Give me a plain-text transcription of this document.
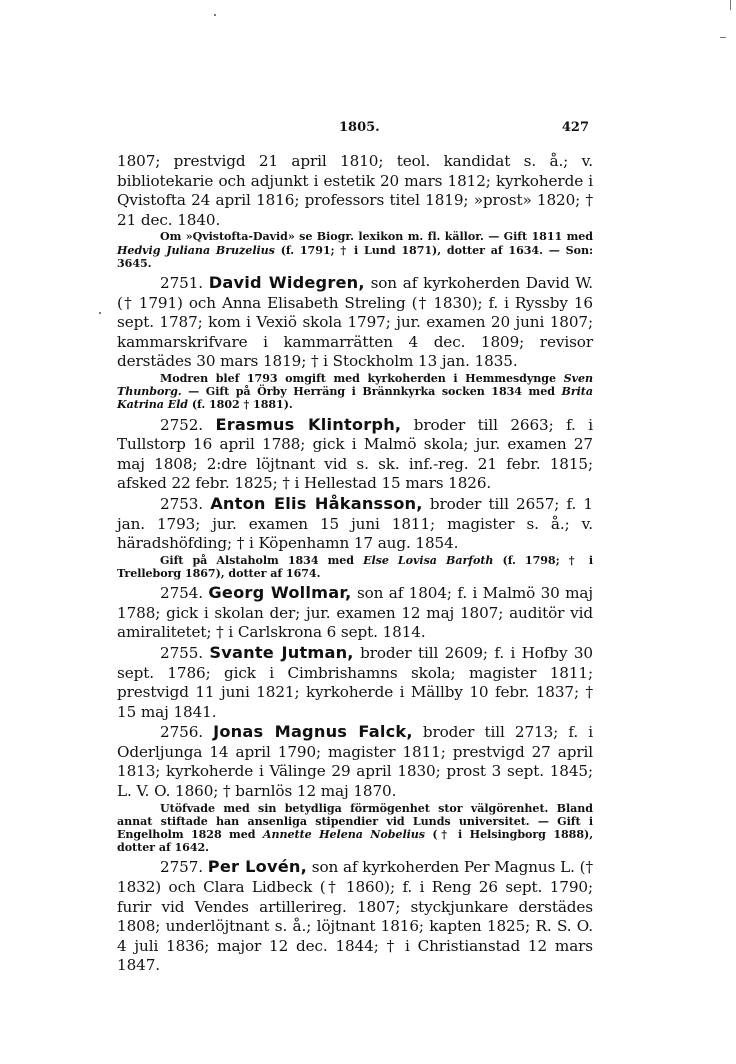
1805.	427

1807; prestvigd 21 april 1810; teol. kandidat s. å.; v. bibliotekarie och adjunkt i estetik 20 mars 1812; kyrkoherde i Qvistofta 24 april 1816; professors titel 1819; »prost» 1820; † 21 dec. 1840.

Om »Qvistofta-David» se Biogr. lexikon m. fl. källor. — Gift 1811 med Hedvig Juliana Bruzelius (f. 1791; † i Lund 1871), dotter af 1634. — Son: 3645.

2751. David Widegren, son af kyrkoherden David W. († 1791) och Anna Elisabeth Streling († 1830); f. i Ryssby 16 sept. 1787; kom i Vexiö skola 1797; jur. examen 20 juni 1807; kammarskrifvare i kammarrätten 4 dec. 1809; revisor derstädes 30 mars 1819; † i Stockholm 13 jan. 1835.

Modren blef 1793 omgift med kyrkoherden i Hemmesdynge Sven Thunborg. — Gift på Örby Herräng i Brännkyrka socken 1834 med Brita Katrina Eld (f. 1802 † 1881).

2752. Erasmus Klintorph, broder till 2663; f. i Tullstorp 16 april 1788; gick i Malmö skola; jur. examen 27 maj 1808; 2:dre löjtnant vid s. sk. inf.-reg. 21 febr. 1815; afsked 22 febr. 1825; † i Hellestad 15 mars 1826.

2753. Anton Elis Håkansson, broder till 2657; f. 1 jan. 1793; jur. examen 15 juni 1811; magister s. å.; v. häradshöfding; † i Köpenhamn 17 aug. 1854.

Gift på Alstaholm 1834 med Else Lovisa Barfoth (f. 1798; † i Trelleborg 1867), dotter af 1674.

2754. Georg Wollmar, son af 1804; f. i Malmö 30 maj 1788; gick i skolan der; jur. examen 12 maj 1807; auditör vid amiralitetet; † i Carlskrona 6 sept. 1814.

2755. Svante Jutman, broder till 2609; f. i Hofby 30 sept. 1786; gick i Cimbrishamns skola; magister 1811; prestvigd 11 juni 1821; kyrkoherde i Mällby 10 febr. 1837; † 15 maj 1841.

2756. Jonas Magnus Falck, broder till 2713; f. i Oderljunga 14 april 1790; magister 1811; prestvigd 27 april 1813; kyrkoherde i Välinge 29 april 1830; prost 3 sept. 1845; L. V. O. 1860; † barnlös 12 maj 1870.

Utöfvade med sin betydliga förmögenhet stor välgörenhet. Bland annat stiftade han ansenliga stipendier vid Lunds universitet. — Gift i Engelholm 1828 med Annette Helena Nobelius († i Helsingborg 1888), dotter af 1642.

2757. Per Lovén, son af kyrkoherden Per Magnus L. († 1832) och Clara Lidbeck († 1860); f. i Reng 26 sept. 1790; furir vid Vendes artillerireg. 1807; styckjunkare derstädes 1808; underlöjtnant s. å.; löjtnant 1816; kapten 1825; R. S. O. 4 juli 1836; major 12 dec. 1844; † i Christianstad 12 mars 1847.
